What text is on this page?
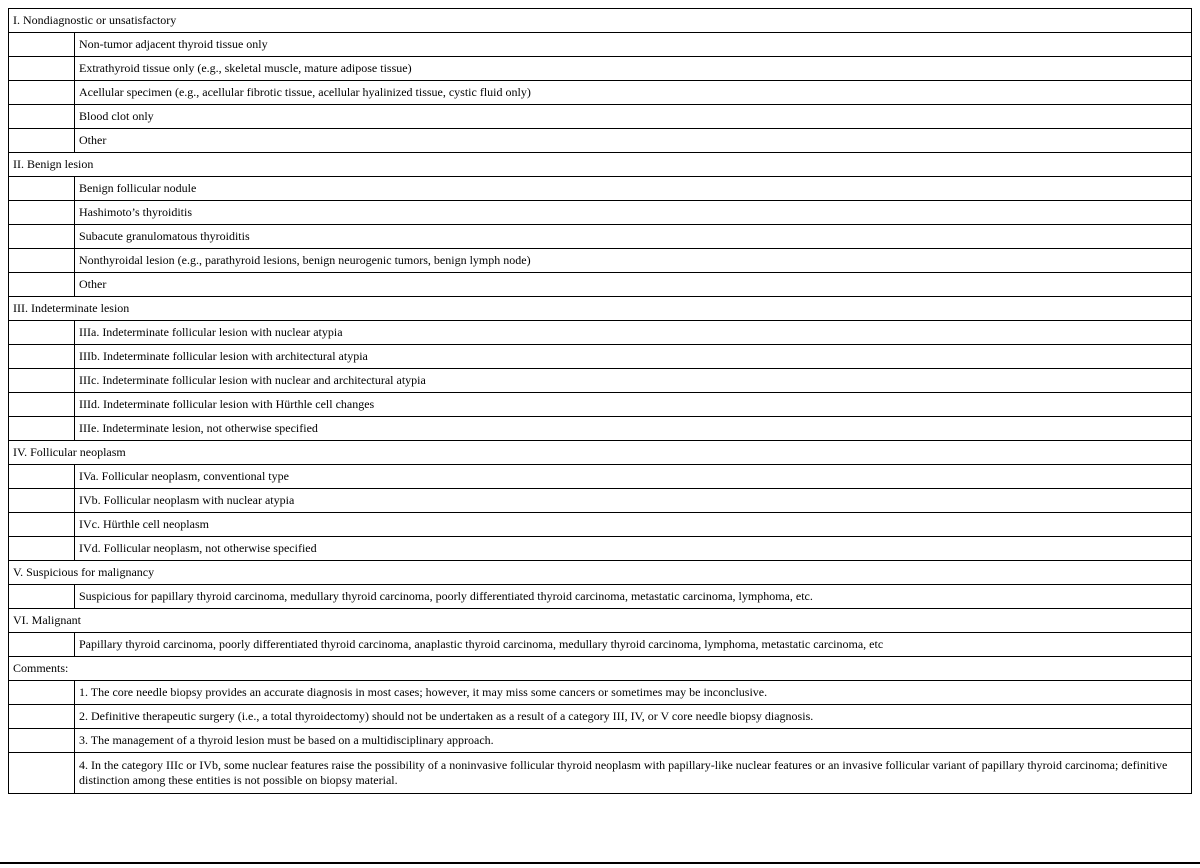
I. Nondiagnostic or unsatisfactory	
	Non-tumor adjacent thyroid tissue only
	Extrathyroid tissue only (e.g., skeletal muscle, mature adipose tissue)
	Acellular specimen (e.g., acellular fibrotic tissue, acellular hyalinized tissue, cystic fluid only)
	Blood clot only
	Other
II. Benign lesion	
	Benign follicular nodule
	Hashimoto’s thyroiditis
	Subacute granulomatous thyroiditis
	Nonthyroidal lesion (e.g., parathyroid lesions, benign neurogenic tumors, benign lymph node)
	Other
III. Indeterminate lesion	
	IIIa. Indeterminate follicular lesion with nuclear atypia
	IIIb. Indeterminate follicular lesion with architectural atypia
	IIIc. Indeterminate follicular lesion with nuclear and architectural atypia
	IIId. Indeterminate follicular lesion with Hürthle cell changes
	IIIe. Indeterminate lesion, not otherwise specified
IV. Follicular neoplasm	
	IVa. Follicular neoplasm, conventional type
	IVb. Follicular neoplasm with nuclear atypia
	IVc. Hürthle cell neoplasm
	IVd. Follicular neoplasm, not otherwise specified
V. Suspicious for malignancy	
	Suspicious for papillary thyroid carcinoma, medullary thyroid carcinoma, poorly differentiated thyroid carcinoma, metastatic carcinoma, lymphoma, etc.
VI. Malignant	
	Papillary thyroid carcinoma, poorly differentiated thyroid carcinoma, anaplastic thyroid carcinoma, medullary thyroid carcinoma, lymphoma, metastatic carcinoma, etc
Comments:	
	1. The core needle biopsy provides an accurate diagnosis in most cases; however, it may miss some cancers or sometimes may be inconclusive.
	2. Definitive therapeutic surgery (i.e., a total thyroidectomy) should not be undertaken as a result of a category III, IV, or V core needle biopsy diagnosis.
	3. The management of a thyroid lesion must be based on a multidisciplinary approach.
	4. In the category IIIc or IVb, some nuclear features raise the possibility of a noninvasive follicular thyroid neoplasm with papillary-like nuclear features or an invasive follicular variant of papillary thyroid carcinoma; definitive distinction among these entities is not possible on biopsy material.
